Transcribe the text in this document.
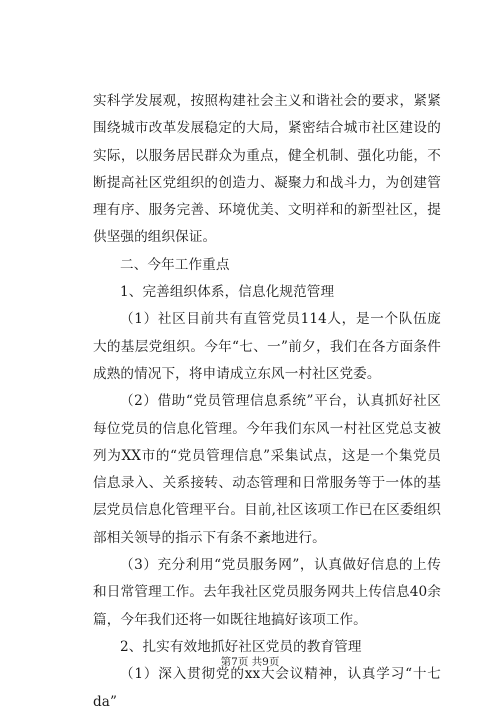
实科学发展观，按照构建社会主义和谐社会的要求，紧紧围绕城市改革发展稳定的大局，紧密结合城市社区建设的实际，以服务居民群众为重点，健全机制、强化功能，不断提高社区党组织的创造力、凝聚力和战斗力，为创建管理有序、服务完善、环境优美、文明祥和的新型社区，提供坚强的组织保证。

二、今年工作重点

1、完善组织体系，信息化规范管理

（1）社区目前共有直管党员114人，是一个队伍庞大的基层党组织。今年“七、一”前夕，我们在各方面条件成熟的情况下，将申请成立东风一村社区党委。

（2）借助“党员管理信息系统”平台，认真抓好社区每位党员的信息化管理。今年我们东风一村社区党总支被列为XX市的“党员管理信息”采集试点，这是一个集党员信息录入、关系接转、动态管理和日常服务等于一体的基层党员信息化管理平台。目前,社区该项工作已在区委组织部相关领导的指示下有条不紊地进行。

（3）充分利用“党员服务网”，认真做好信息的上传和日常管理工作。去年我社区党员服务网共上传信息40余篇，今年我们还将一如既往地搞好该项工作。

2、扎实有效地抓好社区党员的教育管理

（1）深入贯彻党的xx大会议精神，认真学习“十七da”

第7页 共9页
